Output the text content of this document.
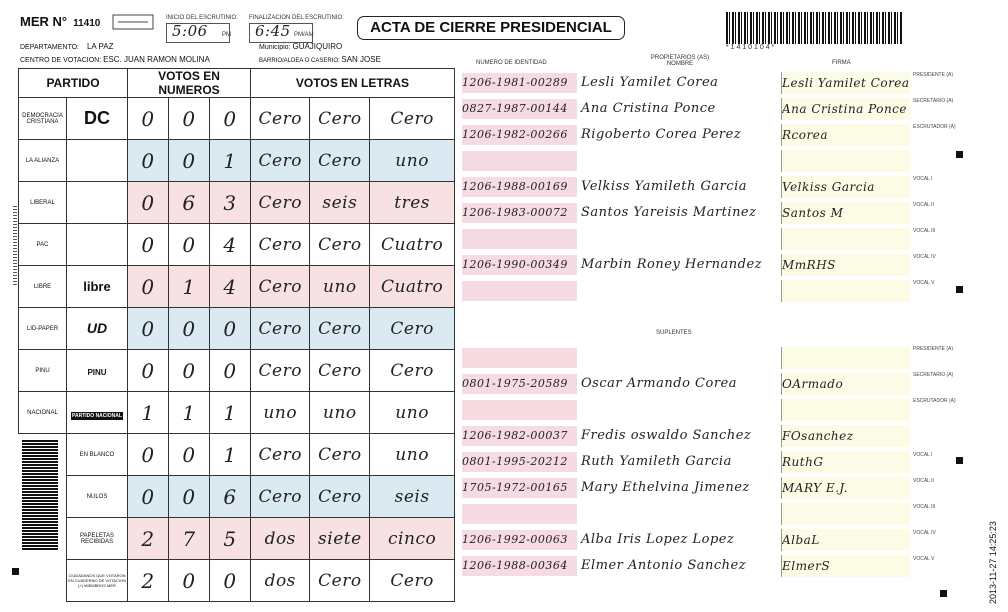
MER N° 11410	INICIO DEL ESCRUTINIO:
5:06 PM
FINALIZACION DEL ESCRUTINIO:
6:45 PM/AM	ACTA DE CIERRE PRESIDENCIAL
* 1 4 1 0 1 0 4 *
DEPARTAMENTO: LA PAZ	Municipio: GUAJIQUIRO
CENTRO DE VOTACION: ESC. JUAN RAMON MOLINA	BARRIO/ALDEA O CASERIO: SAN JOSE
PARTIDO		VOTOS EN NUMEROS			VOTOS EN LETRAS		
DEMOCRACIA CRISTIANA	DC	0	0	0	Cero	Cero	Cero
LA ALIANZA		0	0	1	Cero	Cero	uno
LIBERAL		0	6	3	Cero	seis	tres
PAC		0	0	4	Cero	Cero	Cuatro
LIBRE	libre	0	1	4	Cero	uno	Cuatro
LID-PAPER	UD	0	0	0	Cero	Cero	Cero
PINU	PINU	0	0	0	Cero	Cero	Cero
NACIONAL	PARTIDO NACIONAL	1	1	1	uno	uno	uno
	EN BLANCO	0	0	1	Cero	Cero	uno
	NULOS	0	0	6	Cero	Cero	seis
	PAPELETAS RECIBIDAS	2	7	5	dos	siete	cinco
	CIUDADANOS QUE VOTARON EN CUADERNO DE VOTACION (+) MIEMBROS MER	2	0	0	dos	Cero	Cero
NUMERO DE IDENTIDAD
PROPIETARIOS (AS) NOMBRE	FIRMA
SUPLENTES
1206-1981-00289	Lesli Yamilet Corea	Lesli Yamilet Corea
0827-1987-00144	Ana Cristina Ponce	Ana Cristina Ponce
1206-1982-00266	Rigoberto Corea Perez	Rcorea
1206-1988-00169	Velkiss Yamileth Garcia	Velkiss Garcia
1206-1983-00072	Santos Yareisis Martinez	Santos M
1206-1990-00349	Marbin Roney Hernandez	MmRHS
0801-1975-20589	Oscar Armando Corea	OArmado
1206-1982-00037	Fredis oswaldo Sanchez	FOsanchez
0801-1995-20212	Ruth Yamileth Garcia	RuthG
1705-1972-00165	Mary Ethelvina Jimenez	MARY E.J.
1206-1992-00063	Alba Iris Lopez Lopez	AlbaL
1206-1988-00364	Elmer Antonio Sanchez	ElmerS	2013-11-27 14:25:23
PRESIDENTE (A)
SECRETARIO (A)
ESCRUTADOR (A)
VOCAL I
VOCAL II
VOCAL III
VOCAL IV
VOCAL V
PRESIDENTE (A)
SECRETARIO (A)
ESCRUTADOR (A)
VOCAL I
VOCAL II
VOCAL III
VOCAL IV
VOCAL V
